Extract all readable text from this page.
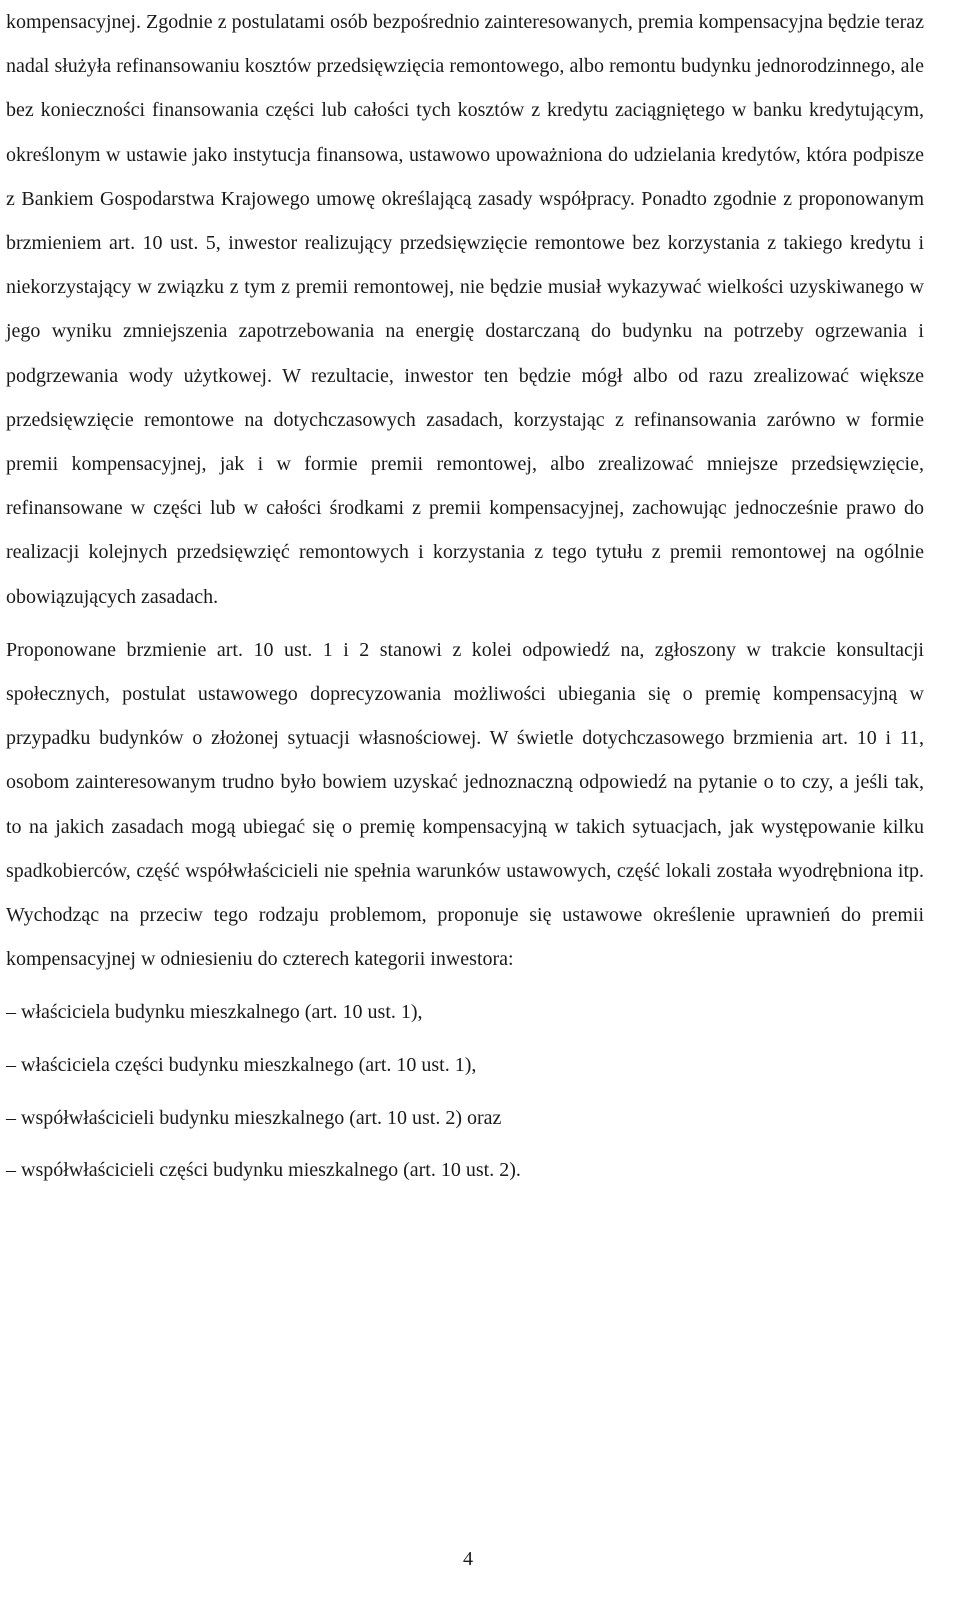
kompensacyjnej. Zgodnie z postulatami osób bezpośrednio zainteresowanych, premia kompensacyjna będzie teraz nadal służyła refinansowaniu kosztów przedsięwzięcia remontowego, albo remontu budynku jednorodzinnego, ale bez konieczności finansowania części lub całości tych kosztów z kredytu zaciągniętego w banku kredytującym, określonym w ustawie jako instytucja finansowa, ustawowo upoważniona do udzielania kredytów, która podpisze z Bankiem Gospodarstwa Krajowego umowę określającą zasady współpracy. Ponadto zgodnie z proponowanym brzmieniem art. 10 ust. 5, inwestor realizujący przedsięwzięcie remontowe bez korzystania z takiego kredytu i niekorzystający w związku z tym z premii remontowej, nie będzie musiał wykazywać wielkości uzyskiwanego w jego wyniku zmniejszenia zapotrzebowania na energię dostarczaną do budynku na potrzeby ogrzewania i podgrzewania wody użytkowej. W rezultacie, inwestor ten będzie mógł albo od razu zrealizować większe przedsięwzięcie remontowe na dotychczasowych zasadach, korzystając z refinansowania zarówno w formie premii kompensacyjnej, jak i w formie premii remontowej, albo zrealizować mniejsze przedsięwzięcie, refinansowane w części lub w całości środkami z premii kompensacyjnej, zachowując jednocześnie prawo do realizacji kolejnych przedsięwzięć remontowych i korzystania z tego tytułu z premii remontowej na ogólnie obowiązujących zasadach.

Proponowane brzmienie art. 10 ust. 1 i 2 stanowi z kolei odpowiedź na, zgłoszony w trakcie konsultacji społecznych, postulat ustawowego doprecyzowania możliwości ubiegania się o premię kompensacyjną w przypadku budynków o złożonej sytuacji własnościowej. W świetle dotychczasowego brzmienia art. 10 i 11, osobom zainteresowanym trudno było bowiem uzyskać jednoznaczną odpowiedź na pytanie o to czy, a jeśli tak, to na jakich zasadach mogą ubiegać się o premię kompensacyjną w takich sytuacjach, jak występowanie kilku spadkobierców, część współwłaścicieli nie spełnia warunków ustawowych, część lokali została wyodrębniona itp. Wychodząc na przeciw tego rodzaju problemom, proponuje się ustawowe określenie uprawnień do premii kompensacyjnej w odniesieniu do czterech kategorii inwestora:

– właściciela budynku mieszkalnego (art. 10 ust. 1),
– właściciela części budynku mieszkalnego (art. 10 ust. 1),
– współwłaścicieli budynku mieszkalnego (art. 10 ust. 2) oraz
– współwłaścicieli części budynku mieszkalnego (art. 10 ust. 2).
4
